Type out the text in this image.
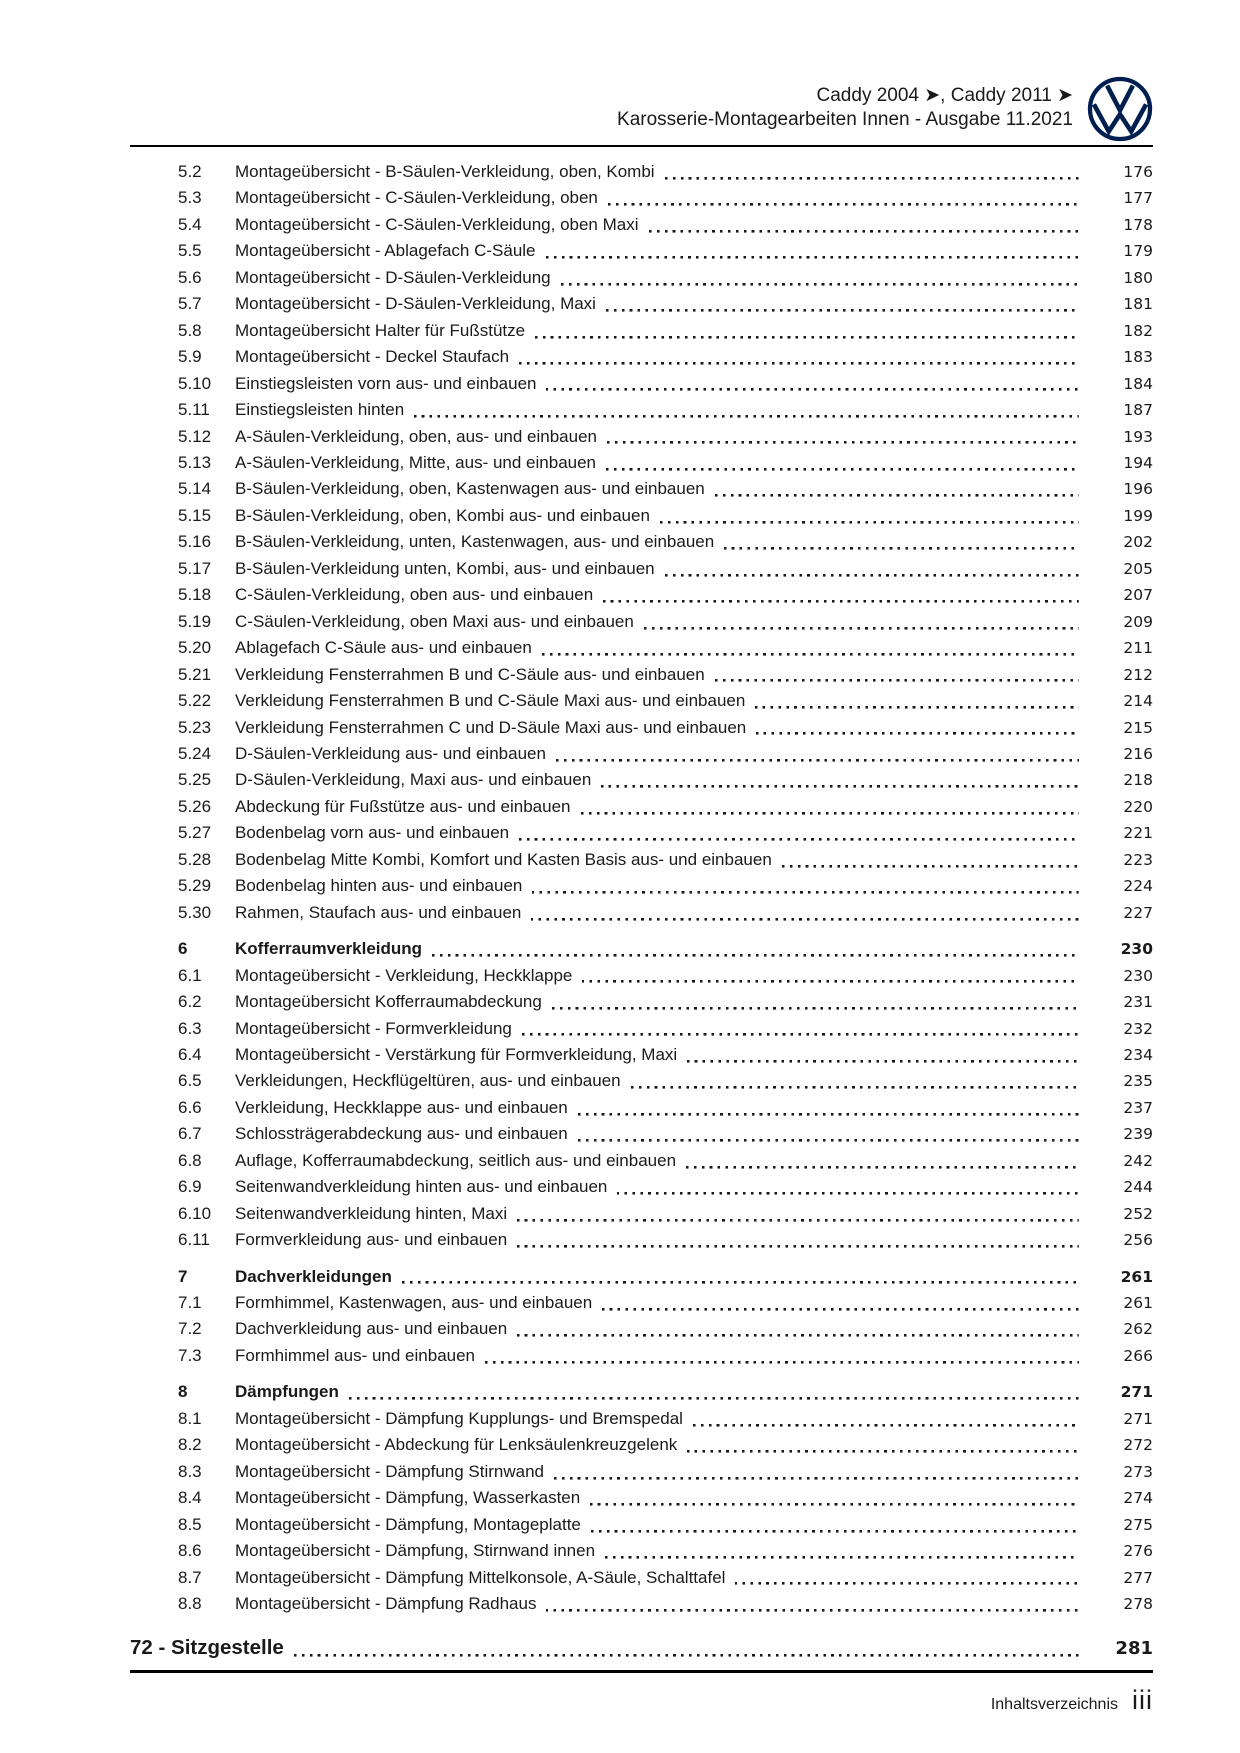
Caddy 2004 ➤, Caddy 2011 ➤
Karosserie-Montagearbeiten Innen - Ausgabe 11.2021
5.2	Montageübersicht - B-Säulen-Verkleidung, oben, Kombi	176
5.3	Montageübersicht - C-Säulen-Verkleidung, oben	177
5.4	Montageübersicht - C-Säulen-Verkleidung, oben Maxi	178
5.5	Montageübersicht - Ablagefach C-Säule	179
5.6	Montageübersicht - D-Säulen-Verkleidung	180
5.7	Montageübersicht - D-Säulen-Verkleidung, Maxi	181
5.8	Montageübersicht Halter für Fußstütze	182
5.9	Montageübersicht - Deckel Staufach	183
5.10	Einstiegsleisten vorn aus- und einbauen	184
5.11	Einstiegsleisten hinten	187
5.12	A-Säulen-Verkleidung, oben, aus- und einbauen	193
5.13	A-Säulen-Verkleidung, Mitte, aus- und einbauen	194
5.14	B-Säulen-Verkleidung, oben, Kastenwagen aus- und einbauen	196
5.15	B-Säulen-Verkleidung, oben, Kombi aus- und einbauen	199
5.16	B-Säulen-Verkleidung, unten, Kastenwagen, aus- und einbauen	202
5.17	B-Säulen-Verkleidung unten, Kombi, aus- und einbauen	205
5.18	C-Säulen-Verkleidung, oben aus- und einbauen	207
5.19	C-Säulen-Verkleidung, oben Maxi aus- und einbauen	209
5.20	Ablagefach C-Säule aus- und einbauen	211
5.21	Verkleidung Fensterrahmen B und C-Säule aus- und einbauen	212
5.22	Verkleidung Fensterrahmen B und C-Säule Maxi aus- und einbauen	214
5.23	Verkleidung Fensterrahmen C und D-Säule Maxi aus- und einbauen	215
5.24	D-Säulen-Verkleidung aus- und einbauen	216
5.25	D-Säulen-Verkleidung, Maxi aus- und einbauen	218
5.26	Abdeckung für Fußstütze aus- und einbauen	220
5.27	Bodenbelag vorn aus- und einbauen	221
5.28	Bodenbelag Mitte Kombi, Komfort und Kasten Basis aus- und einbauen	223
5.29	Bodenbelag hinten aus- und einbauen	224
5.30	Rahmen, Staufach aus- und einbauen	227
6	Kofferraumverkleidung	230
6.1	Montageübersicht - Verkleidung, Heckklappe	230
6.2	Montageübersicht Kofferraumabdeckung	231
6.3	Montageübersicht - Formverkleidung	232
6.4	Montageübersicht - Verstärkung für Formverkleidung, Maxi	234
6.5	Verkleidungen, Heckflügeltüren, aus- und einbauen	235
6.6	Verkleidung, Heckklappe aus- und einbauen	237
6.7	Schlossträgerabdeckung aus- und einbauen	239
6.8	Auflage, Kofferraumabdeckung, seitlich aus- und einbauen	242
6.9	Seitenwandverkleidung hinten aus- und einbauen	244
6.10	Seitenwandverkleidung hinten, Maxi	252
6.11	Formverkleidung aus- und einbauen	256
7	Dachverkleidungen	261
7.1	Formhimmel, Kastenwagen, aus- und einbauen	261
7.2	Dachverkleidung aus- und einbauen	262
7.3	Formhimmel aus- und einbauen	266
8	Dämpfungen	271
8.1	Montageübersicht - Dämpfung Kupplungs- und Bremspedal	271
8.2	Montageübersicht - Abdeckung für Lenksäulenkreuzgelenk	272
8.3	Montageübersicht - Dämpfung Stirnwand	273
8.4	Montageübersicht - Dämpfung, Wasserkasten	274
8.5	Montageübersicht - Dämpfung, Montageplatte	275
8.6	Montageübersicht - Dämpfung, Stirnwand innen	276
8.7	Montageübersicht - Dämpfung Mittelkonsole, A-Säule, Schalttafel	277
8.8	Montageübersicht - Dämpfung Radhaus	278
72 - Sitzgestelle	281
Inhaltsverzeichnis iii
